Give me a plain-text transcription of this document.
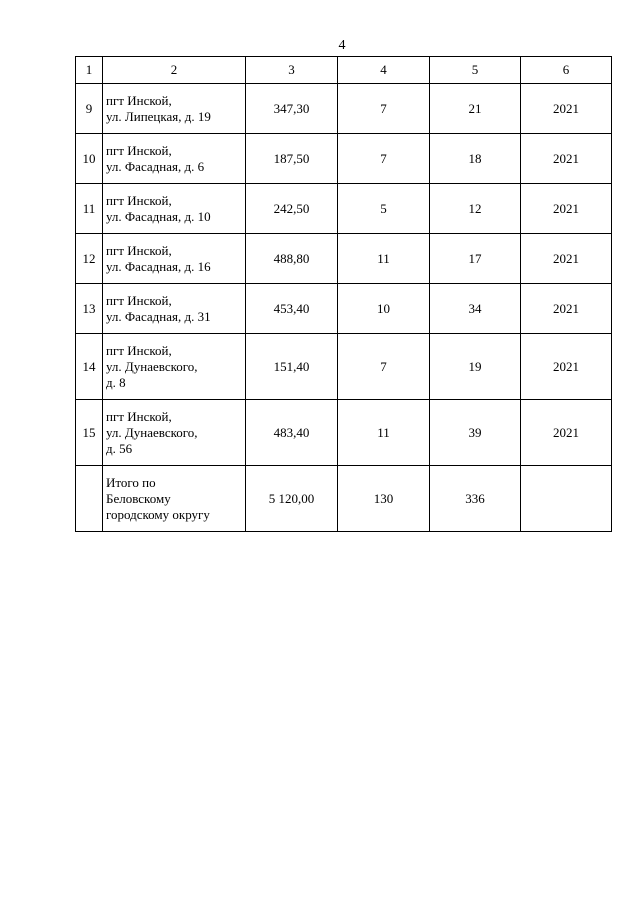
4
1	2	3	4	5	6
9	пгт Инской,
ул. Липецкая, д. 19	347,30	7	21	2021
10	пгт Инской,
ул. Фасадная, д. 6	187,50	7	18	2021
11	пгт Инской,
ул. Фасадная, д. 10	242,50	5	12	2021
12	пгт Инской,
ул. Фасадная, д. 16	488,80	11	17	2021
13	пгт Инской,
ул. Фасадная, д. 31	453,40	10	34	2021
14	пгт Инской,
ул. Дунаевского,
д. 8	151,40	7	19	2021
15	пгт Инской,
ул. Дунаевского,
д. 56	483,40	11	39	2021

	Итого по
Беловскому
городскому округу	5 120,00	130	336	
